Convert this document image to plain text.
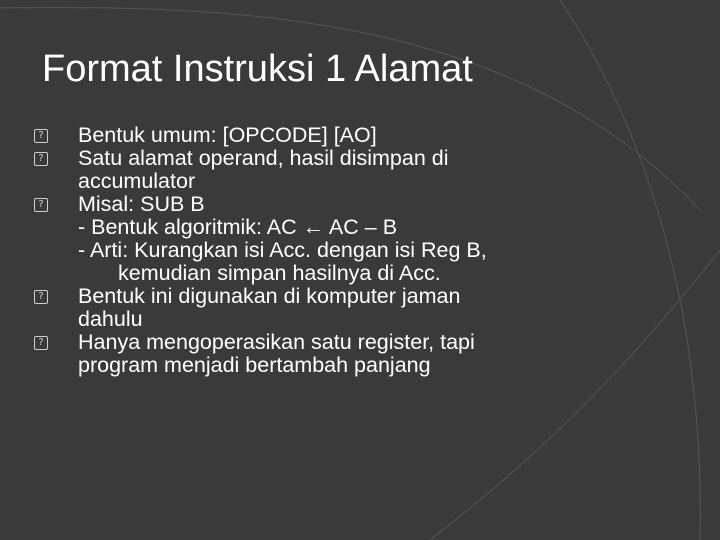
Format Instruksi 1 Alamat
? Bentuk umum: [OPCODE] [AO]
? Satu alamat operand, hasil disimpan di
accumulator
? Misal: SUB B
- Bentuk algoritmik: AC ← AC – B
- Arti: Kurangkan isi Acc. dengan isi Reg B,
kemudian simpan hasilnya di Acc.
? Bentuk ini digunakan di komputer jaman
dahulu
? Hanya mengoperasikan satu register, tapi
program menjadi bertambah panjang
